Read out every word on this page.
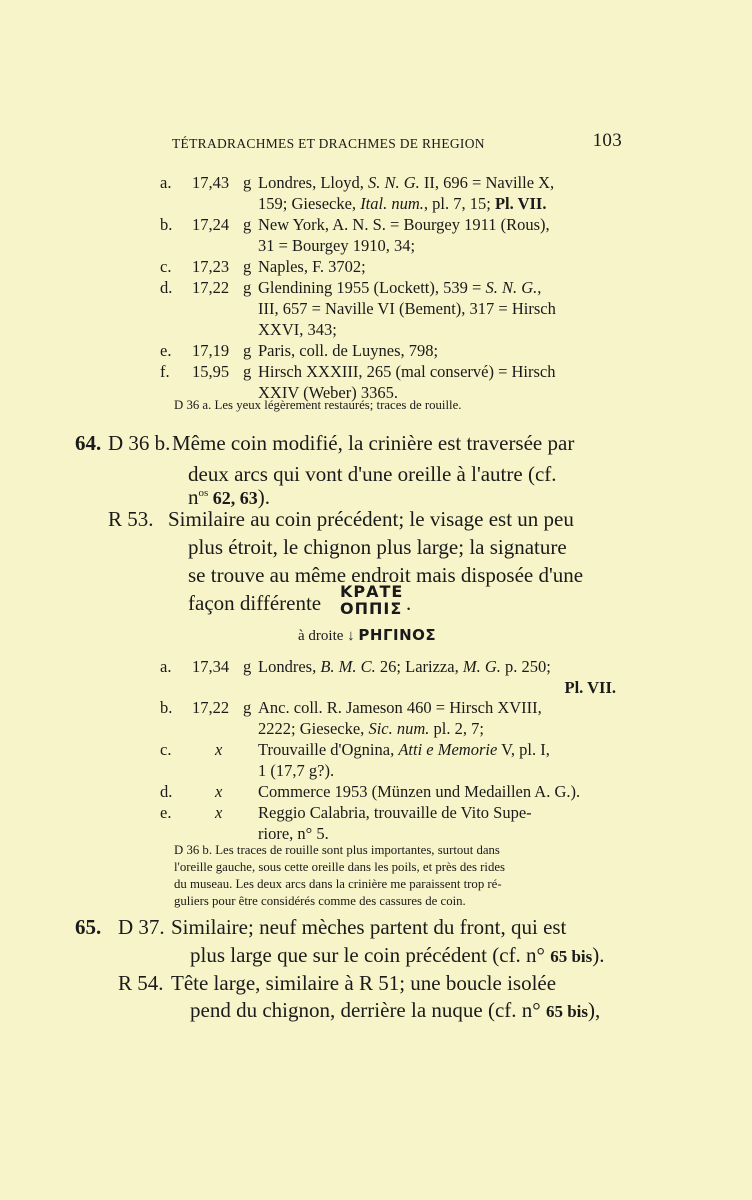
TÉTRADRACHMES ET DRACHMES DE RHEGION	103
a. 17,43 g Londres, Lloyd, S. N. G. II, 696 = Naville X,
159; Giesecke, Ital. num., pl. 7, 15; Pl. VII.
b. 17,24 g New York, A. N. S. = Bourgey 1911 (Rous),
31 = Bourgey 1910, 34;
c. 17,23 g Naples, F. 3702;
d. 17,22 g Glendining 1955 (Lockett), 539 = S. N. G.,
III, 657 = Naville VI (Bement), 317 = Hirsch
XXVI, 343;
e. 17,19 g Paris, coll. de Luynes, 798;
f. 15,95 g Hirsch XXXIII, 265 (mal conservé) = Hirsch
XXIV (Weber) 3365.
D 36 a. Les yeux légèrement restaurés; traces de rouille.
64. D 36 b. Même coin modifié, la crinière est traversée par
deux arcs qui vont d'une oreille à l'autre (cf.
$n^{os}$ 62, 63).
R 53. Similaire au coin précédent; le visage est un peu
plus étroit, le chignon plus large; la signature
se trouve au même endroit mais disposée d'une
façon différente ΚΡΑΤΕ
ΟΠΠΙΣ .
à droite ↓ ΡΗΓΙΝΟΣ
a. 17,34 g Londres, B. M. C. 26; Larizza, M. G. p. 250;
Pl. VII.
b. 17,22 g Anc. coll. R. Jameson 460 = Hirsch XVIII,
2222; Giesecke, Sic. num. pl. 2, 7;
c.	x Trouvaille d'Ognina, Atti e Memorie V, pl. I,
1 (17,7 g?).
d.	x Commerce 1953 (Münzen und Medaillen A. G.).
e.	x Reggio Calabria, trouvaille de Vito Supe-
riore, n° 5.
D 36 b. Les traces de rouille sont plus importantes, surtout dans
l'oreille gauche, sous cette oreille dans les poils, et près des rides
du museau. Les deux arcs dans la crinière me paraissent trop ré-
guliers pour être considérés comme des cassures de coin.
65. D 37. Similaire; neuf mèches partent du front, qui est
plus large que sur le coin précédent (cf. n° 65 bis).
R 54. Tête large, similaire à R 51; une boucle isolée
pend du chignon, derrière la nuque (cf. n° 65 bis),
